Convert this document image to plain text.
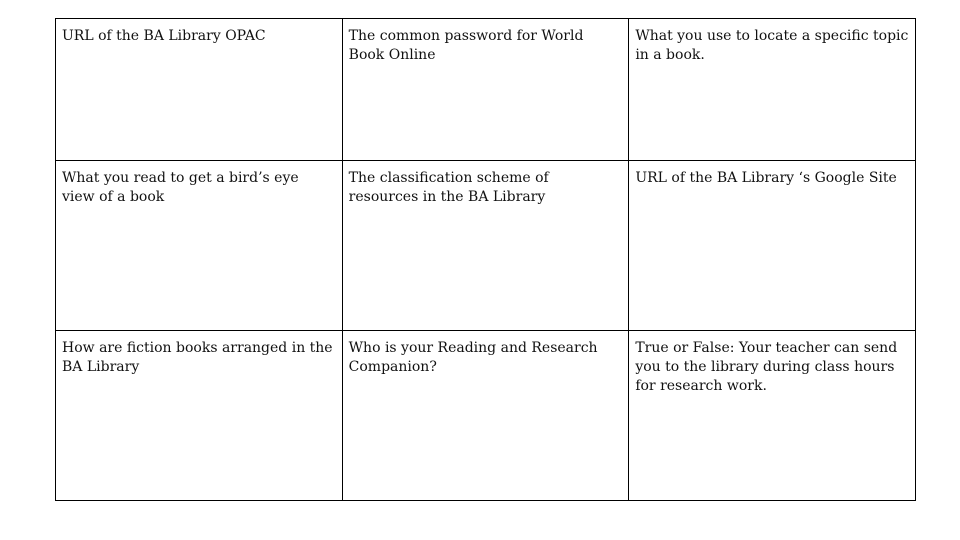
URL of the BA Library OPAC	The common password for World Book Online	What you use to locate a specific topic in a book.
What you read to get a bird’s eye view of a book	The classification scheme of resources in the BA Library	URL of the BA Library ‘s Google Site
How are fiction books arranged in the BA Library	Who is your Reading and Research Companion?	True or False: Your teacher can send you to the library during class hours for research work.
